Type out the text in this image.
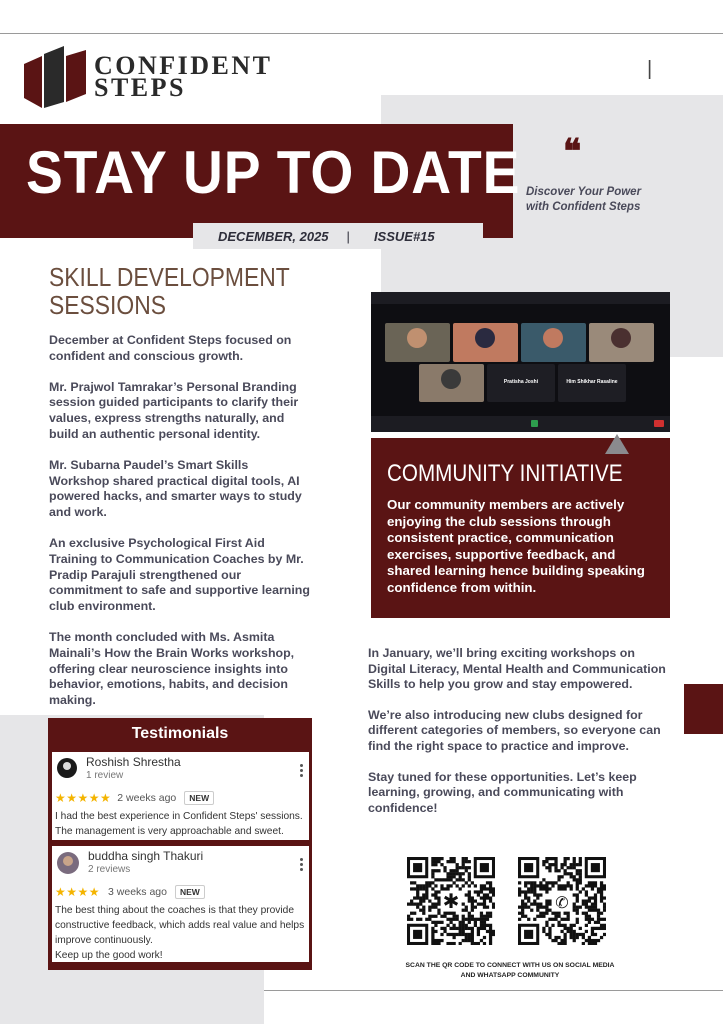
CONFIDENT
STEPS
|
STAY UP TO DATE
DECEMBER, 2025 | ISSUE#15
❝
Discover Your Power
with Confident Steps
SKILL DEVELOPMENT
SESSIONS

December at Confident Steps focused on confident and conscious growth.

Mr. Prajwol Tamrakar’s Personal Branding session guided participants to clarify their values, express strengths naturally, and build an authentic personal identity.

Mr. Subarna Paudel’s Smart Skills Workshop shared practical digital tools, AI powered hacks, and smarter ways to study and work.

An exclusive Psychological First Aid Training to Communication Coaches by Mr. Pradip Parajuli strengthened our commitment to safe and supportive learning club environment.

The month concluded with Ms. Asmita Mainali’s How the Brain Works workshop, offering clear neuroscience insights into behavior, emotions, habits, and decision making.

Testimonials
Roshish Shrestha
1 review
★★★★★ 2 weeks ago	NEW
I had the best experience in Confident Steps' sessions. The management is very approachable and sweet.
buddha singh Thakuri
2 reviews
★★★★ 3 weeks ago	NEW
The best thing about the coaches is that they provide constructive feedback, which adds real value and helps improve continuously.
Keep up the good work!
Pratisha Joshi	Him Shikhar Rasaline
COMMUNITY INITIATIVE
Our community members are actively enjoying the club sessions through consistent practice, communication exercises, supportive feedback, and shared learning hence building speaking confidence from within.

In January, we’ll bring exciting workshops on Digital Literacy, Mental Health and Communication Skills to help you grow and stay empowered.

We’re also introducing new clubs designed for different categories of members, so everyone can find the right space to practice and improve.

Stay tuned for these opportunities. Let’s keep learning, growing, and communicating with confidence!

✱	✆
SCAN THE QR CODE TO CONNECT WITH US ON SOCIAL MEDIA
AND WHATSAPP COMMUNITY
